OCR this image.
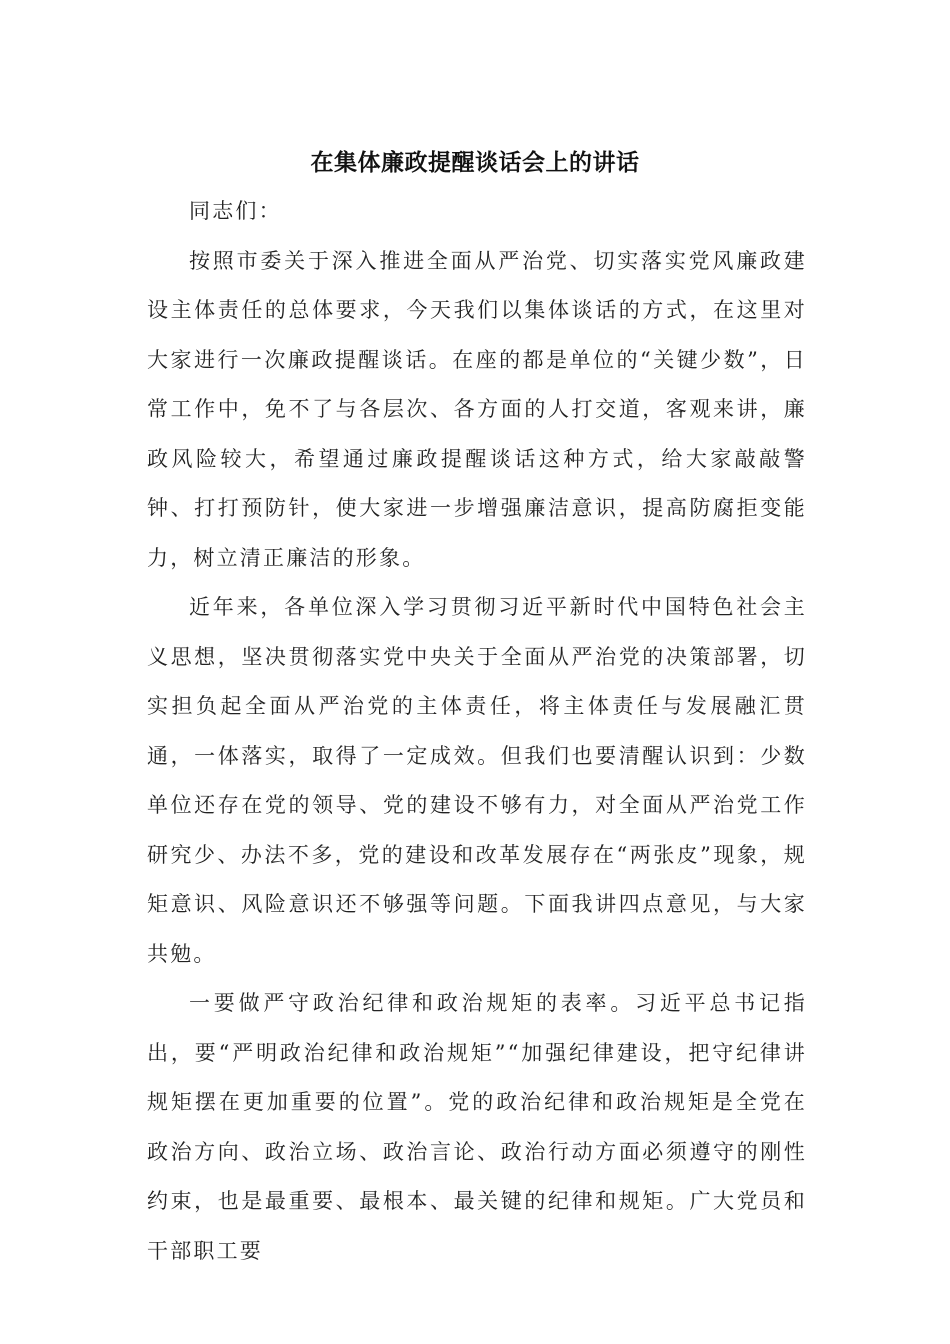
在集体廉政提醒谈话会上的讲话

同志们：

按照市委关于深入推进全面从严治党、切实落实党风廉政建设主体责任的总体要求，今天我们以集体谈话的方式，在这里对大家进行一次廉政提醒谈话。在座的都是单位的“关键少数”，日常工作中，免不了与各层次、各方面的人打交道，客观来讲，廉政风险较大，希望通过廉政提醒谈话这种方式，给大家敲敲警钟、打打预防针，使大家进一步增强廉洁意识，提高防腐拒变能力，树立清正廉洁的形象。

近年来，各单位深入学习贯彻习近平新时代中国特色社会主义思想，坚决贯彻落实党中央关于全面从严治党的决策部署，切实担负起全面从严治党的主体责任，将主体责任与发展融汇贯通，一体落实，取得了一定成效。但我们也要清醒认识到：少数单位还存在党的领导、党的建设不够有力，对全面从严治党工作研究少、办法不多，党的建设和改革发展存在“两张皮”现象，规矩意识、风险意识还不够强等问题。下面我讲四点意见，与大家共勉。

一要做严守政治纪律和政治规矩的表率。习近平总书记指出，要“严明政治纪律和政治规矩”“加强纪律建设，把守纪律讲规矩摆在更加重要的位置”。党的政治纪律和政治规矩是全党在政治方向、政治立场、政治言论、政治行动方面必须遵守的刚性约束，也是最重要、最根本、最关键的纪律和规矩。广大党员和干部职工要
